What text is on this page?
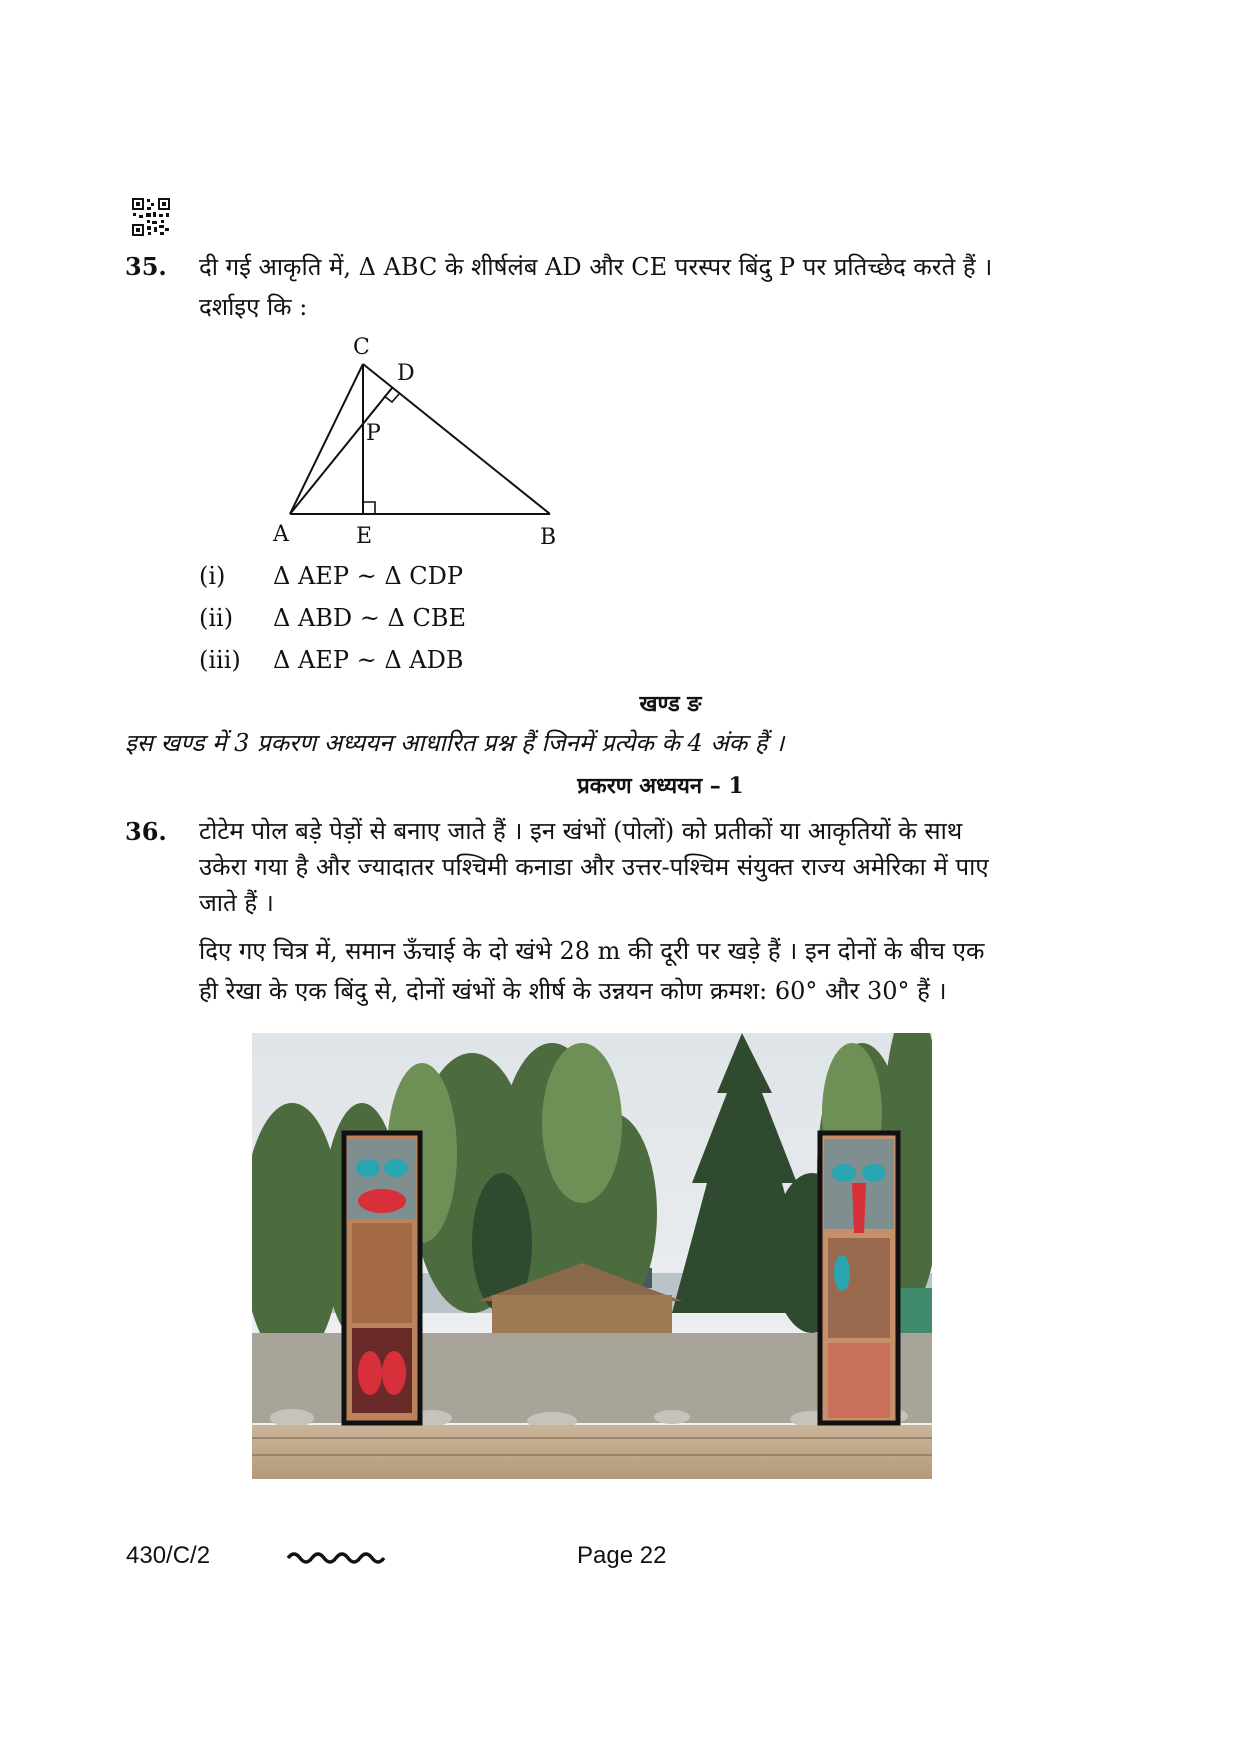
35. दी गई आकृति में, Δ ABC के शीर्षलंब AD और CE परस्पर बिंदु P पर प्रतिच्छेद करते हैं ।
दर्शाइए कि :
C
D
P
A	E	B
(i) Δ AEP ~ Δ CDP
(ii) Δ ABD ~ Δ CBE
(iii) Δ AEP ~ Δ ADB
खण्ड ङ
इस खण्ड में 3 प्रकरण अध्ययन आधारित प्रश्न हैं जिनमें प्रत्येक के 4 अंक हैं ।
प्रकरण अध्ययन – 1
36. टोटेम पोल बड़े पेड़ों से बनाए जाते हैं । इन खंभों (पोलों) को प्रतीकों या आकृतियों के साथ
उकेरा गया है और ज्यादातर पश्चिमी कनाडा और उत्तर-पश्चिम संयुक्त राज्य अमेरिका में पाए
जाते हैं ।
दिए गए चित्र में, समान ऊँचाई के दो खंभे 28 m की दूरी पर खड़े हैं । इन दोनों के बीच एक
ही रेखा के एक बिंदु से, दोनों खंभों के शीर्ष के उन्नयन कोण क्रमश: 60° और 30° हैं ।
430/C/2	Page 22
